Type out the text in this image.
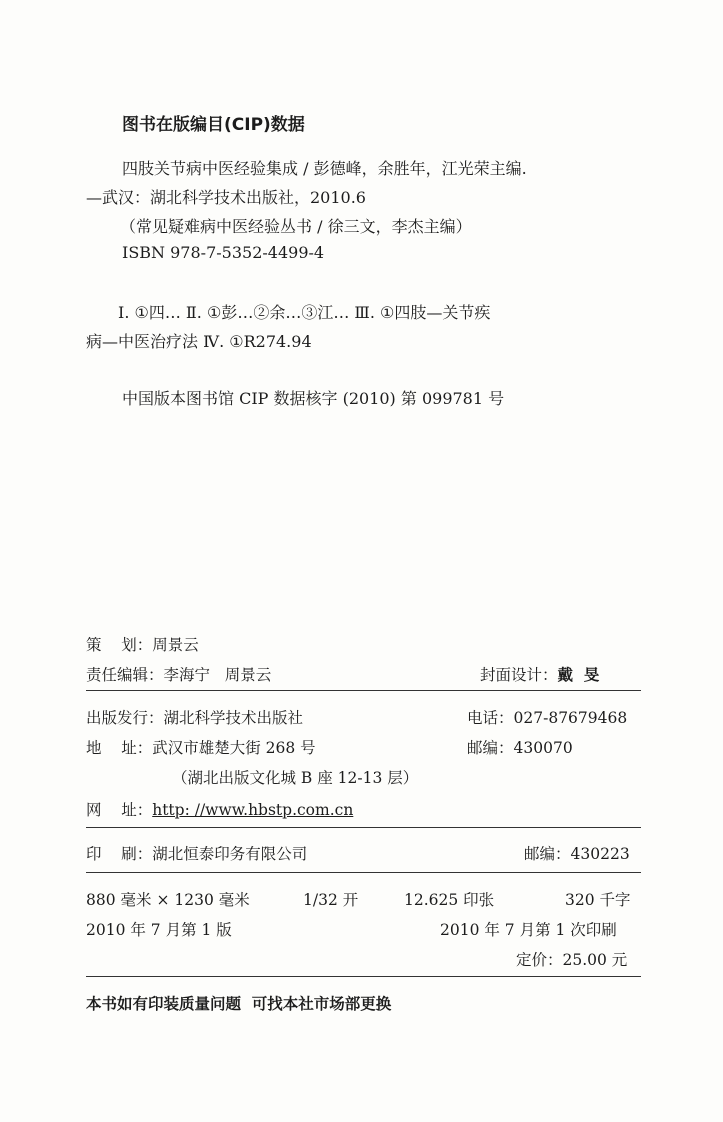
图书在版编目(CIP)数据
四肢关节病中医经验集成 / 彭德峰，余胜年，江光荣主编.
—武汉：湖北科学技术出版社，2010.6
（常见疑难病中医经验丛书 / 徐三文，李杰主编）
ISBN 978-7-5352-4499-4
Ⅰ. ①四… Ⅱ. ①彭…②余…③江… Ⅲ. ①四肢—关节疾
病—中医治疗法 Ⅳ. ①R274.94
中国版本图书馆 CIP 数据核字 (2010) 第 099781 号
策    划：周景云
责任编辑：李海宁   周景云	封面设计：戴  旻
出版发行：湖北科学技术出版社	电话：027-87679468
地    址：武汉市雄楚大街 268 号	邮编：430070
（湖北出版文化城 B 座 12-13 层）
网    址：http: //www.hbstp.com.cn
印    刷：湖北恒泰印务有限公司	邮编：430223
880 毫米 × 1230 毫米	1/32 开	12.625 印张	320 千字
2010 年 7 月第 1 版	2010 年 7 月第 1 次印刷
定价：25.00 元
本书如有印装质量问题  可找本社市场部更换
